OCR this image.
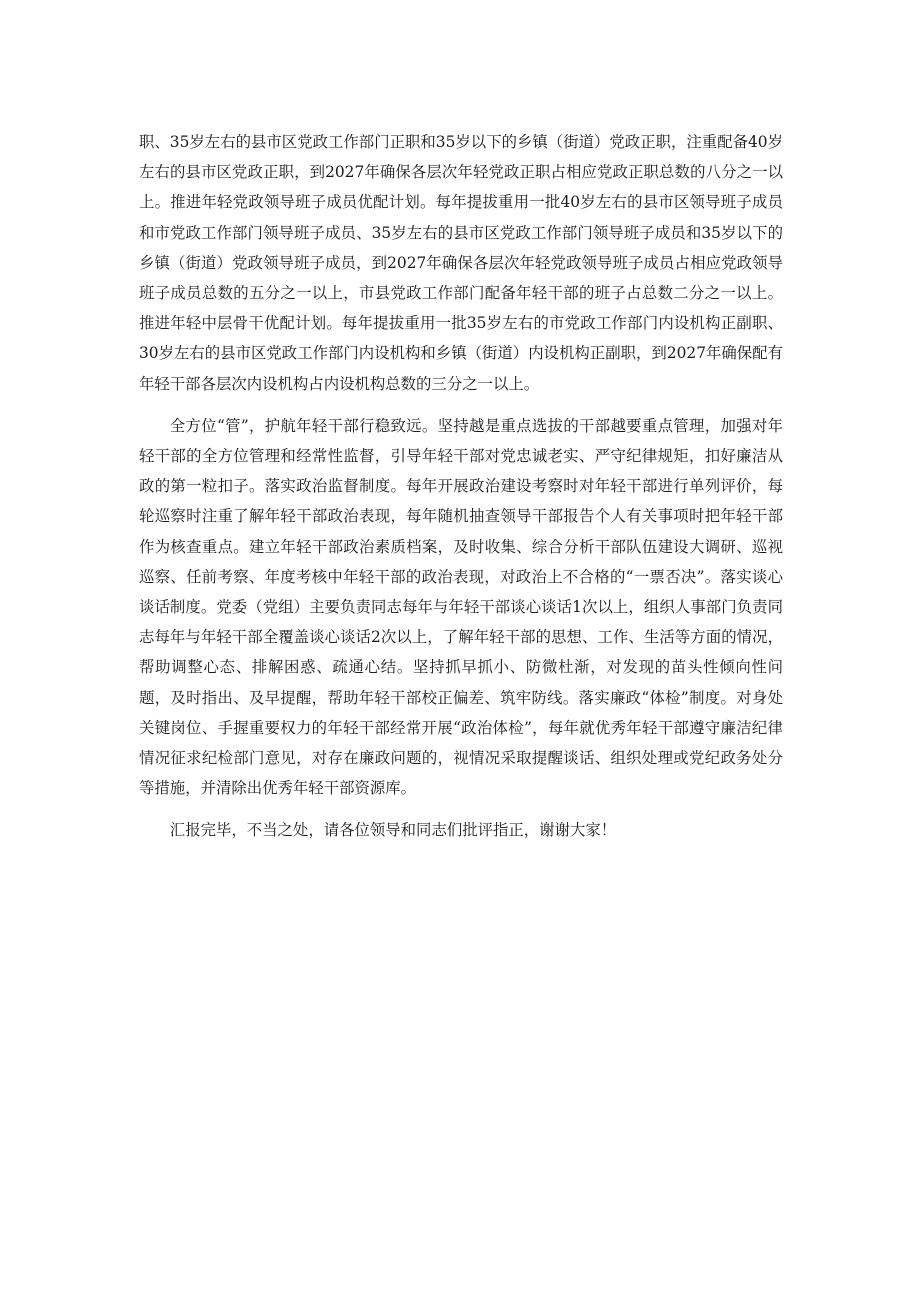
职、35岁左右的县市区党政工作部门正职和35岁以下的乡镇（街道）党政正职，注重配备40岁左右的县市区党政正职，到2027年确保各层次年轻党政正职占相应党政正职总数的八分之一以上。推进年轻党政领导班子成员优配计划。每年提拔重用一批40岁左右的县市区领导班子成员和市党政工作部门领导班子成员、35岁左右的县市区党政工作部门领导班子成员和35岁以下的乡镇（街道）党政领导班子成员，到2027年确保各层次年轻党政领导班子成员占相应党政领导班子成员总数的五分之一以上，市县党政工作部门配备年轻干部的班子占总数二分之一以上。推进年轻中层骨干优配计划。每年提拔重用一批35岁左右的市党政工作部门内设机构正副职、30岁左右的县市区党政工作部门内设机构和乡镇（街道）内设机构正副职，到2027年确保配有年轻干部各层次内设机构占内设机构总数的三分之一以上。

全方位“管”，护航年轻干部行稳致远。坚持越是重点选拔的干部越要重点管理，加强对年轻干部的全方位管理和经常性监督，引导年轻干部对党忠诚老实、严守纪律规矩，扣好廉洁从政的第一粒扣子。落实政治监督制度。每年开展政治建设考察时对年轻干部进行单列评价，每轮巡察时注重了解年轻干部政治表现，每年随机抽查领导干部报告个人有关事项时把年轻干部作为核查重点。建立年轻干部政治素质档案，及时收集、综合分析干部队伍建设大调研、巡视巡察、任前考察、年度考核中年轻干部的政治表现，对政治上不合格的“一票否决”。落实谈心谈话制度。党委（党组）主要负责同志每年与年轻干部谈心谈话1次以上，组织人事部门负责同志每年与年轻干部全覆盖谈心谈话2次以上，了解年轻干部的思想、工作、生活等方面的情况，帮助调整心态、排解困惑、疏通心结。坚持抓早抓小、防微杜渐，对发现的苗头性倾向性问题，及时指出、及早提醒，帮助年轻干部校正偏差、筑牢防线。落实廉政“体检”制度。对身处关键岗位、手握重要权力的年轻干部经常开展“政治体检”，每年就优秀年轻干部遵守廉洁纪律情况征求纪检部门意见，对存在廉政问题的，视情况采取提醒谈话、组织处理或党纪政务处分等措施，并清除出优秀年轻干部资源库。

汇报完毕，不当之处，请各位领导和同志们批评指正，谢谢大家！
